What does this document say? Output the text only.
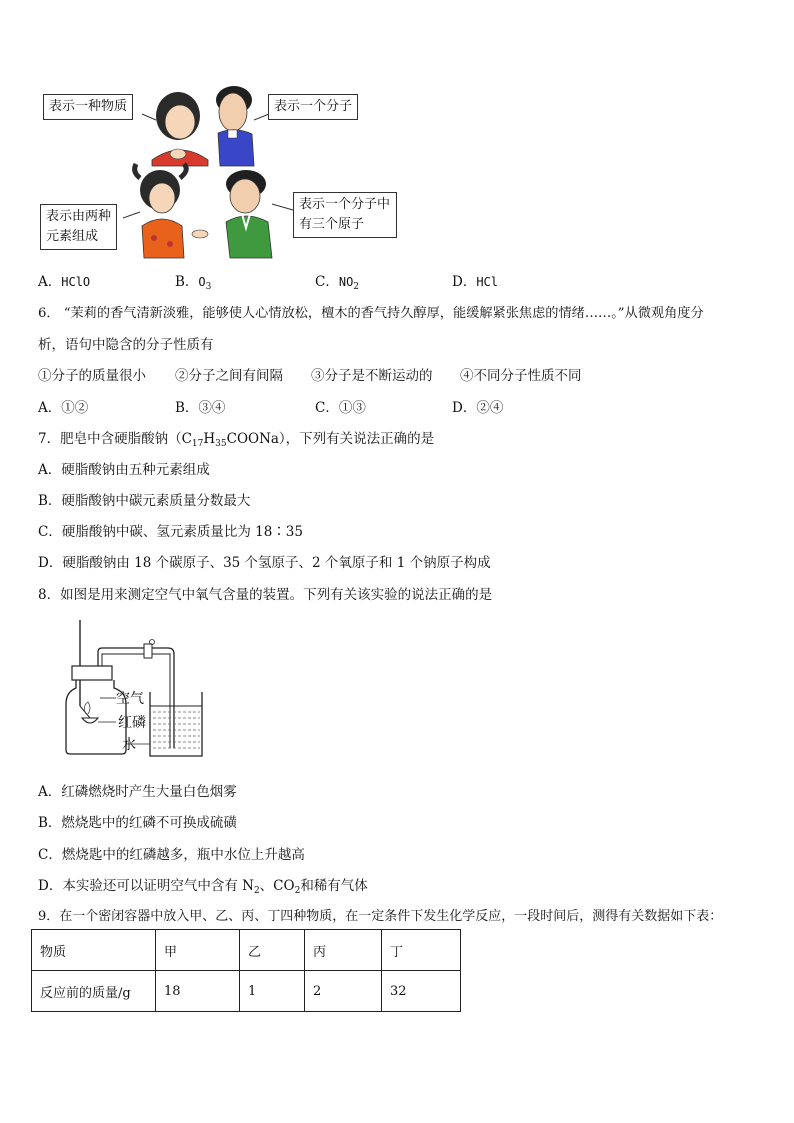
表示一种物质	表示一个分子
表示由两种
元素组成
表示一个分子中
有三个原子
A．HClO	B．$O_3$	C．$NO_2$	D．HCl
6． “茉莉的香气清新淡雅，能够使人心情放松，檀木的香气持久醇厚，能缓解紧张焦虑的情绪……。”从微观角度分
析，语句中隐含的分子性质有
①分子的质量很小 ②分子之间有间隔 ③分子是不断运动的 ④不同分子性质不同
A．①②	B．③④	C．①③	D．②④
7．肥皂中含硬脂酸钠$(C_{17}H_{35}COONa)$，下列有关说法正确的是
A．硬脂酸钠由五种元素组成
B．硬脂酸钠中碳元素质量分数最大
C．硬脂酸钠中碳、氢元素质量比为 18∶35
D．硬脂酸钠由 18 个碳原子、35 个氢原子、2 个氧原子和 1 个钠原子构成
8．如图是用来测定空气中氧气含量的装置。下列有关该实验的说法正确的是
空气
红磷
水
A．红磷燃烧时产生大量白色烟雾
B．燃烧匙中的红磷不可换成硫磺
C．燃烧匙中的红磷越多，瓶中水位上升越高
D．本实验还可以证明空气中含有 $N_2$、$CO_2$和稀有气体
9．在一个密闭容器中放入甲、乙、丙、丁四种物质，在一定条件下发生化学反应，一段时间后，测得有关数据如下表：
物质	甲	乙	丙	丁
反应前的质量/g	18	1	2	32
